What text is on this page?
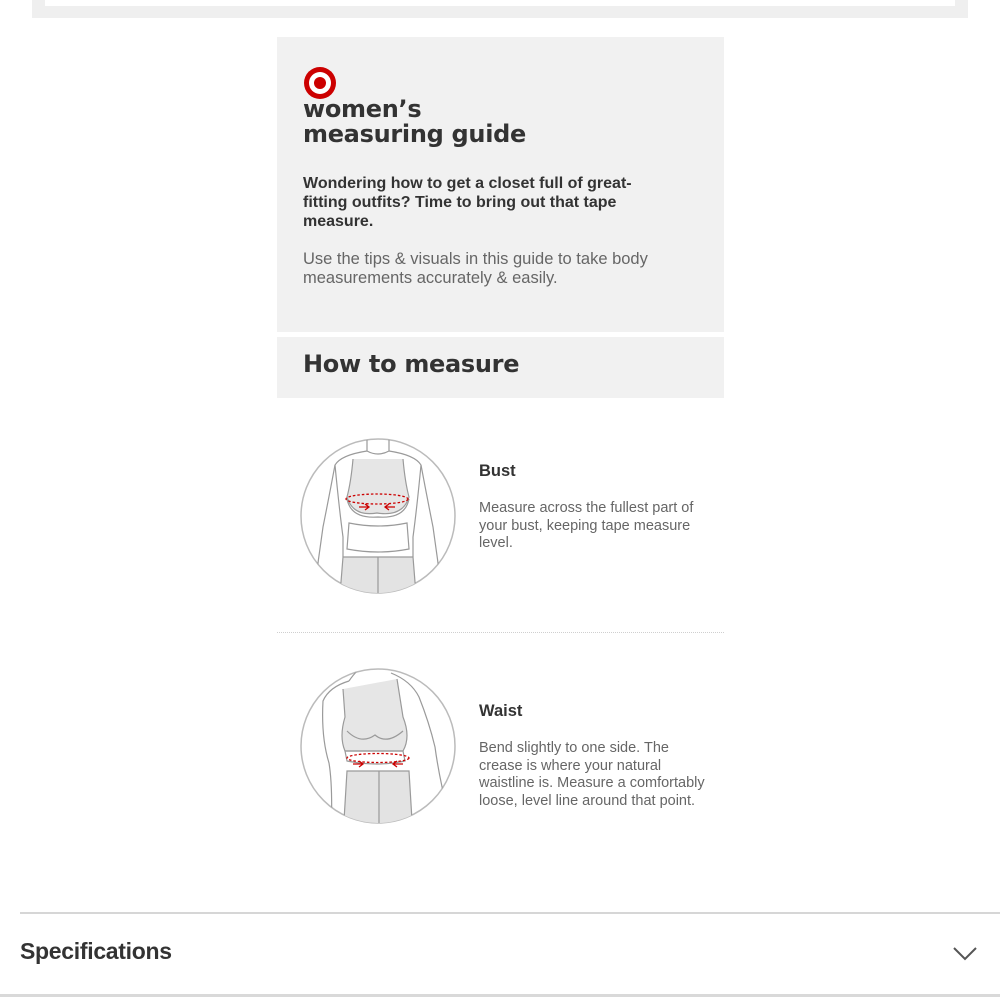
women’s
measuring guide

Wondering how to get a closet full of great-fitting outfits? Time to bring out that tape measure.

Use the tips & visuals in this guide to take body measurements accurately & easily.

How to measure
Bust

Measure across the fullest part of your bust, keeping tape measure level.

Waist

Bend slightly to one side. The crease is where your natural waistline is. Measure a comfortably loose, level line around that point.

Specifications
